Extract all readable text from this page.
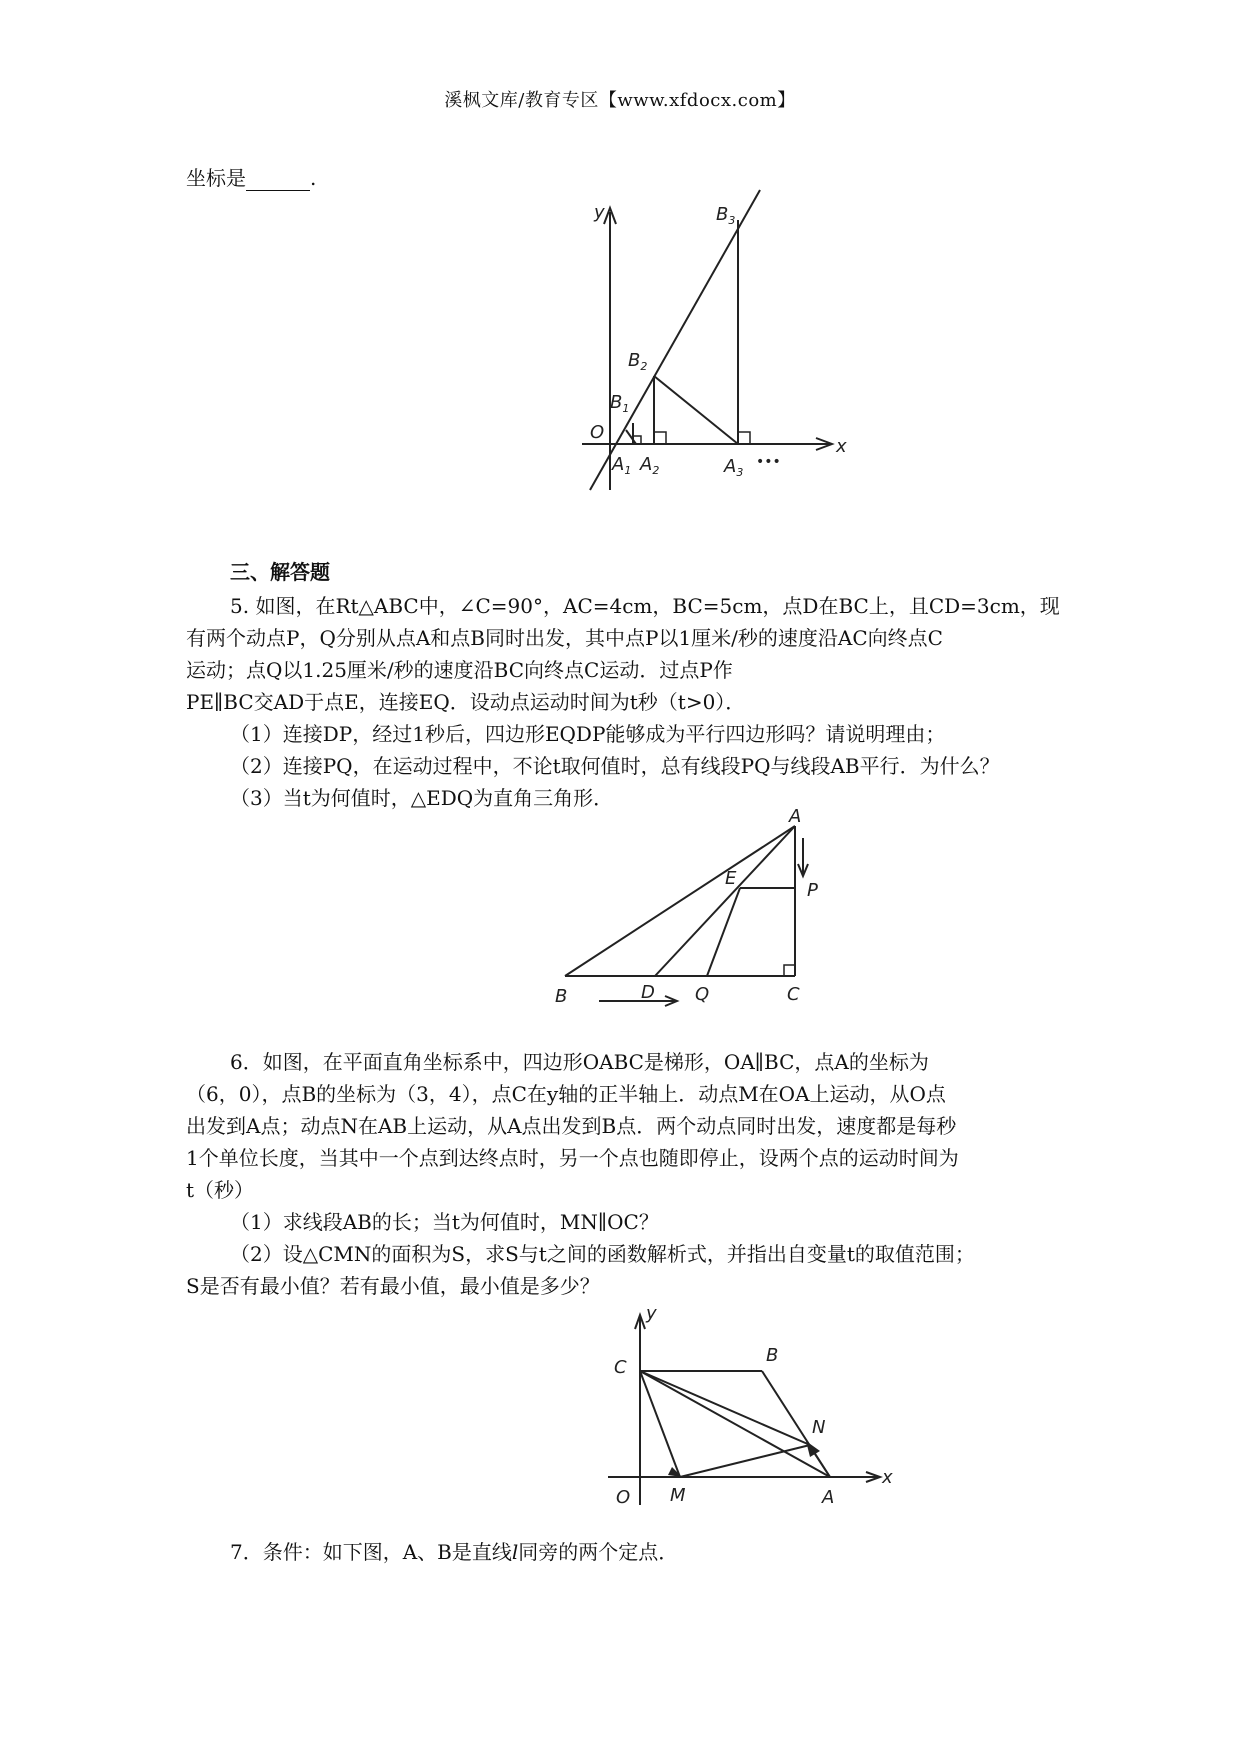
溪枫文库/教育专区【www.xfdocx.com】
坐标是	.
y
x
O
$B_1$
$B_2$
$B_3$
$A_1$ $A_2$	$A_3$
•••
三、解答题
5. 如图，在Rt△ABC中，∠C=90°，AC=4cm，BC=5cm，点D在BC上，且CD=3cm，现
有两个动点P，Q分别从点A和点B同时出发，其中点P以1厘米/秒的速度沿AC向终点C
运动；点Q以1.25厘米/秒的速度沿BC向终点C运动．过点P作
PE∥BC交AD于点E，连接EQ．设动点运动时间为t秒（t>0）．
（1）连接DP，经过1秒后，四边形EQDP能够成为平行四边形吗？请说明理由；
（2）连接PQ，在运动过程中，不论t取何值时，总有线段PQ与线段AB平行．为什么？
（3）当t为何值时，△EDQ为直角三角形．
A
E
P
B	D Q	C
6．如图，在平面直角坐标系中，四边形OABC是梯形，OA∥BC，点A的坐标为
（6，0），点B的坐标为（3，4），点C在y轴的正半轴上．动点M在OA上运动，从O点
出发到A点；动点N在AB上运动，从A点出发到B点．两个动点同时出发，速度都是每秒
1个单位长度，当其中一个点到达终点时，另一个点也随即停止，设两个点的运动时间为
t（秒）
（1）求线段AB的长；当t为何值时，MN∥OC？
（2）设△CMN的面积为S，求S与t之间的函数解析式，并指出自变量t的取值范围；
S是否有最小值？若有最小值，最小值是多少？
y
x
C
B
N
O M	A
7．条件：如下图，A、B是直线l同旁的两个定点．
